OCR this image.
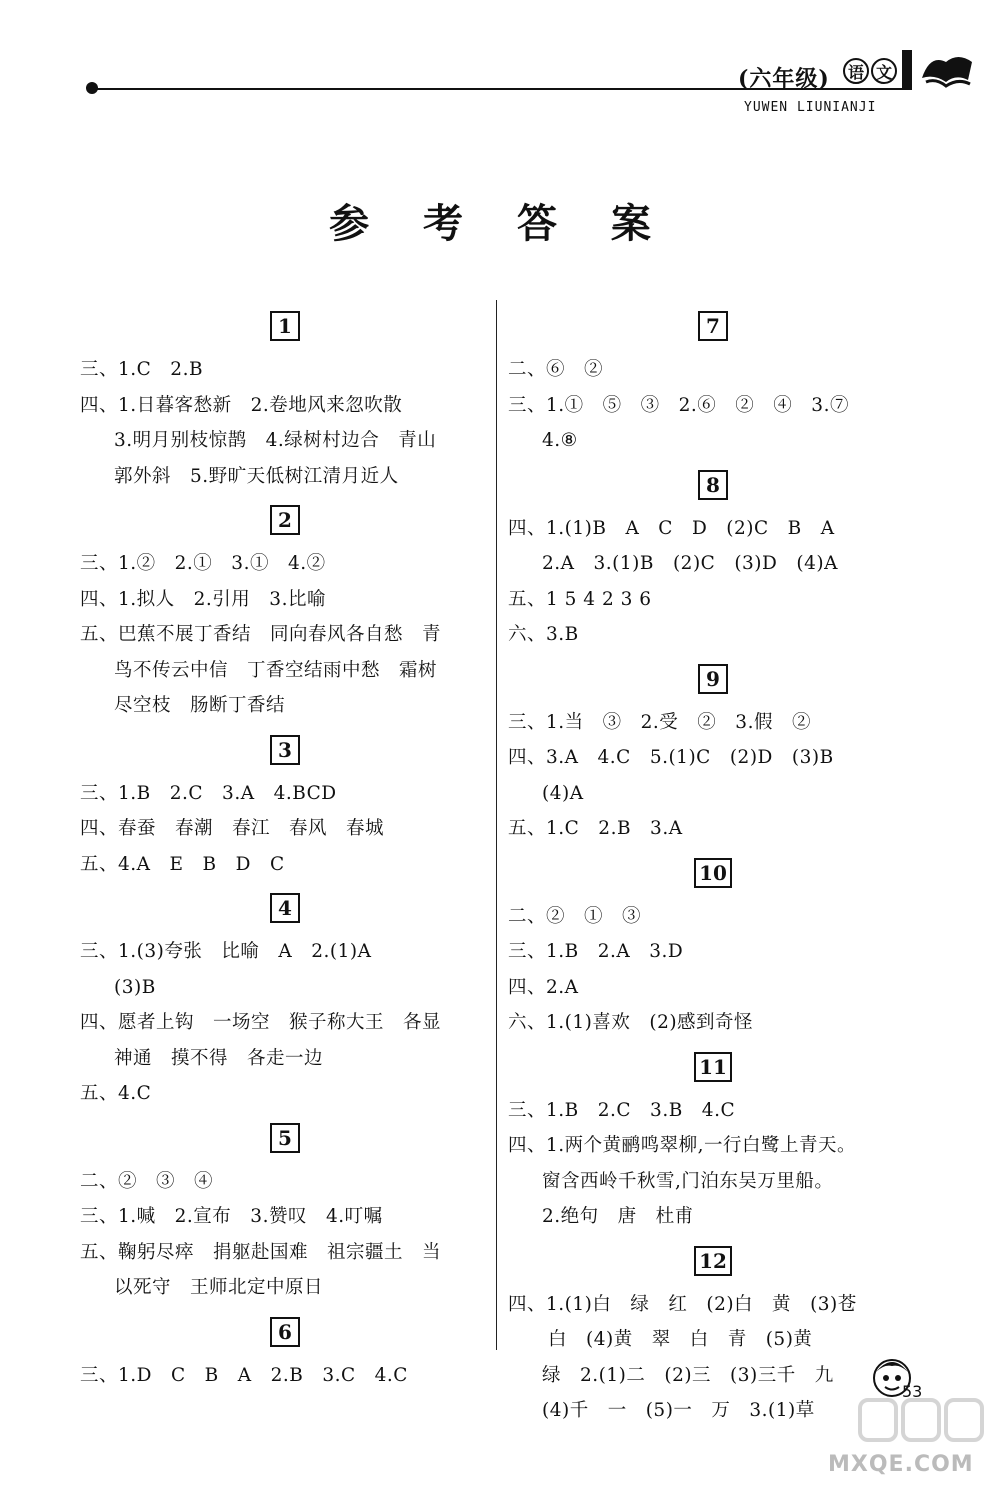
(六年级)	语 文
YUWEN LIUNIANJI
参 考 答 案
1
三、1.C　2.B
四、1.日暮客愁新　2.卷地风来忽吹散
3.明月别枝惊鹊　4.绿树村边合　青山
郭外斜　5.野旷天低树江清月近人
2
三、1.②　2.①　3.①　4.②
四、1.拟人　2.引用　3.比喻
五、巴蕉不展丁香结　同向春风各自愁　青
鸟不传云中信　丁香空结雨中愁　霜树
尽空枝　肠断丁香结
3
三、1.B　2.C　3.A　4.BCD
四、春蚕　春潮　春江　春风　春城
五、4.A　E　B　D　C
4
三、1.(3)夸张　比喻　A　2.(1)A
(3)B
四、愿者上钩　一场空　猴子称大王　各显
神通　摸不得　各走一边
五、4.C
5
二、②　③　④
三、1.喊　2.宣布　3.赞叹　4.叮嘱
五、鞠躬尽瘁　捐躯赴国难　祖宗疆土　当
以死守　王师北定中原日
6
三、1.D　C　B　A　2.B　3.C　4.C
7
二、⑥　②
三、1.①　⑤　③　2.⑥　②　④　3.⑦
4.⑧
8
四、1.(1)B　A　C　D　(2)C　B　A
2.A　3.(1)B　(2)C　(3)D　(4)A
五、1 5 4 2 3 6
六、3.B
9
三、1.当　③　2.受　②　3.假　②
四、3.A　4.C　5.(1)C　(2)D　(3)B
(4)A
五、1.C　2.B　3.A
10
二、②　①　③
三、1.B　2.A　3.D
四、2.A
六、1.(1)喜欢　(2)感到奇怪
11
三、1.B　2.C　3.B　4.C
四、1.两个黄鹂鸣翠柳,一行白鹭上青天。
窗含西岭千秋雪,门泊东吴万里船。
2.绝句　唐　杜甫
12
四、1.(1)白　绿　红　(2)白　黄　(3)苍
白　(4)黄　翠　白　青　(5)黄
绿　2.(1)二　(2)三　(3)三千　九
(4)千　一　(5)一　万　3.(1)草
53
MXQE.COM
